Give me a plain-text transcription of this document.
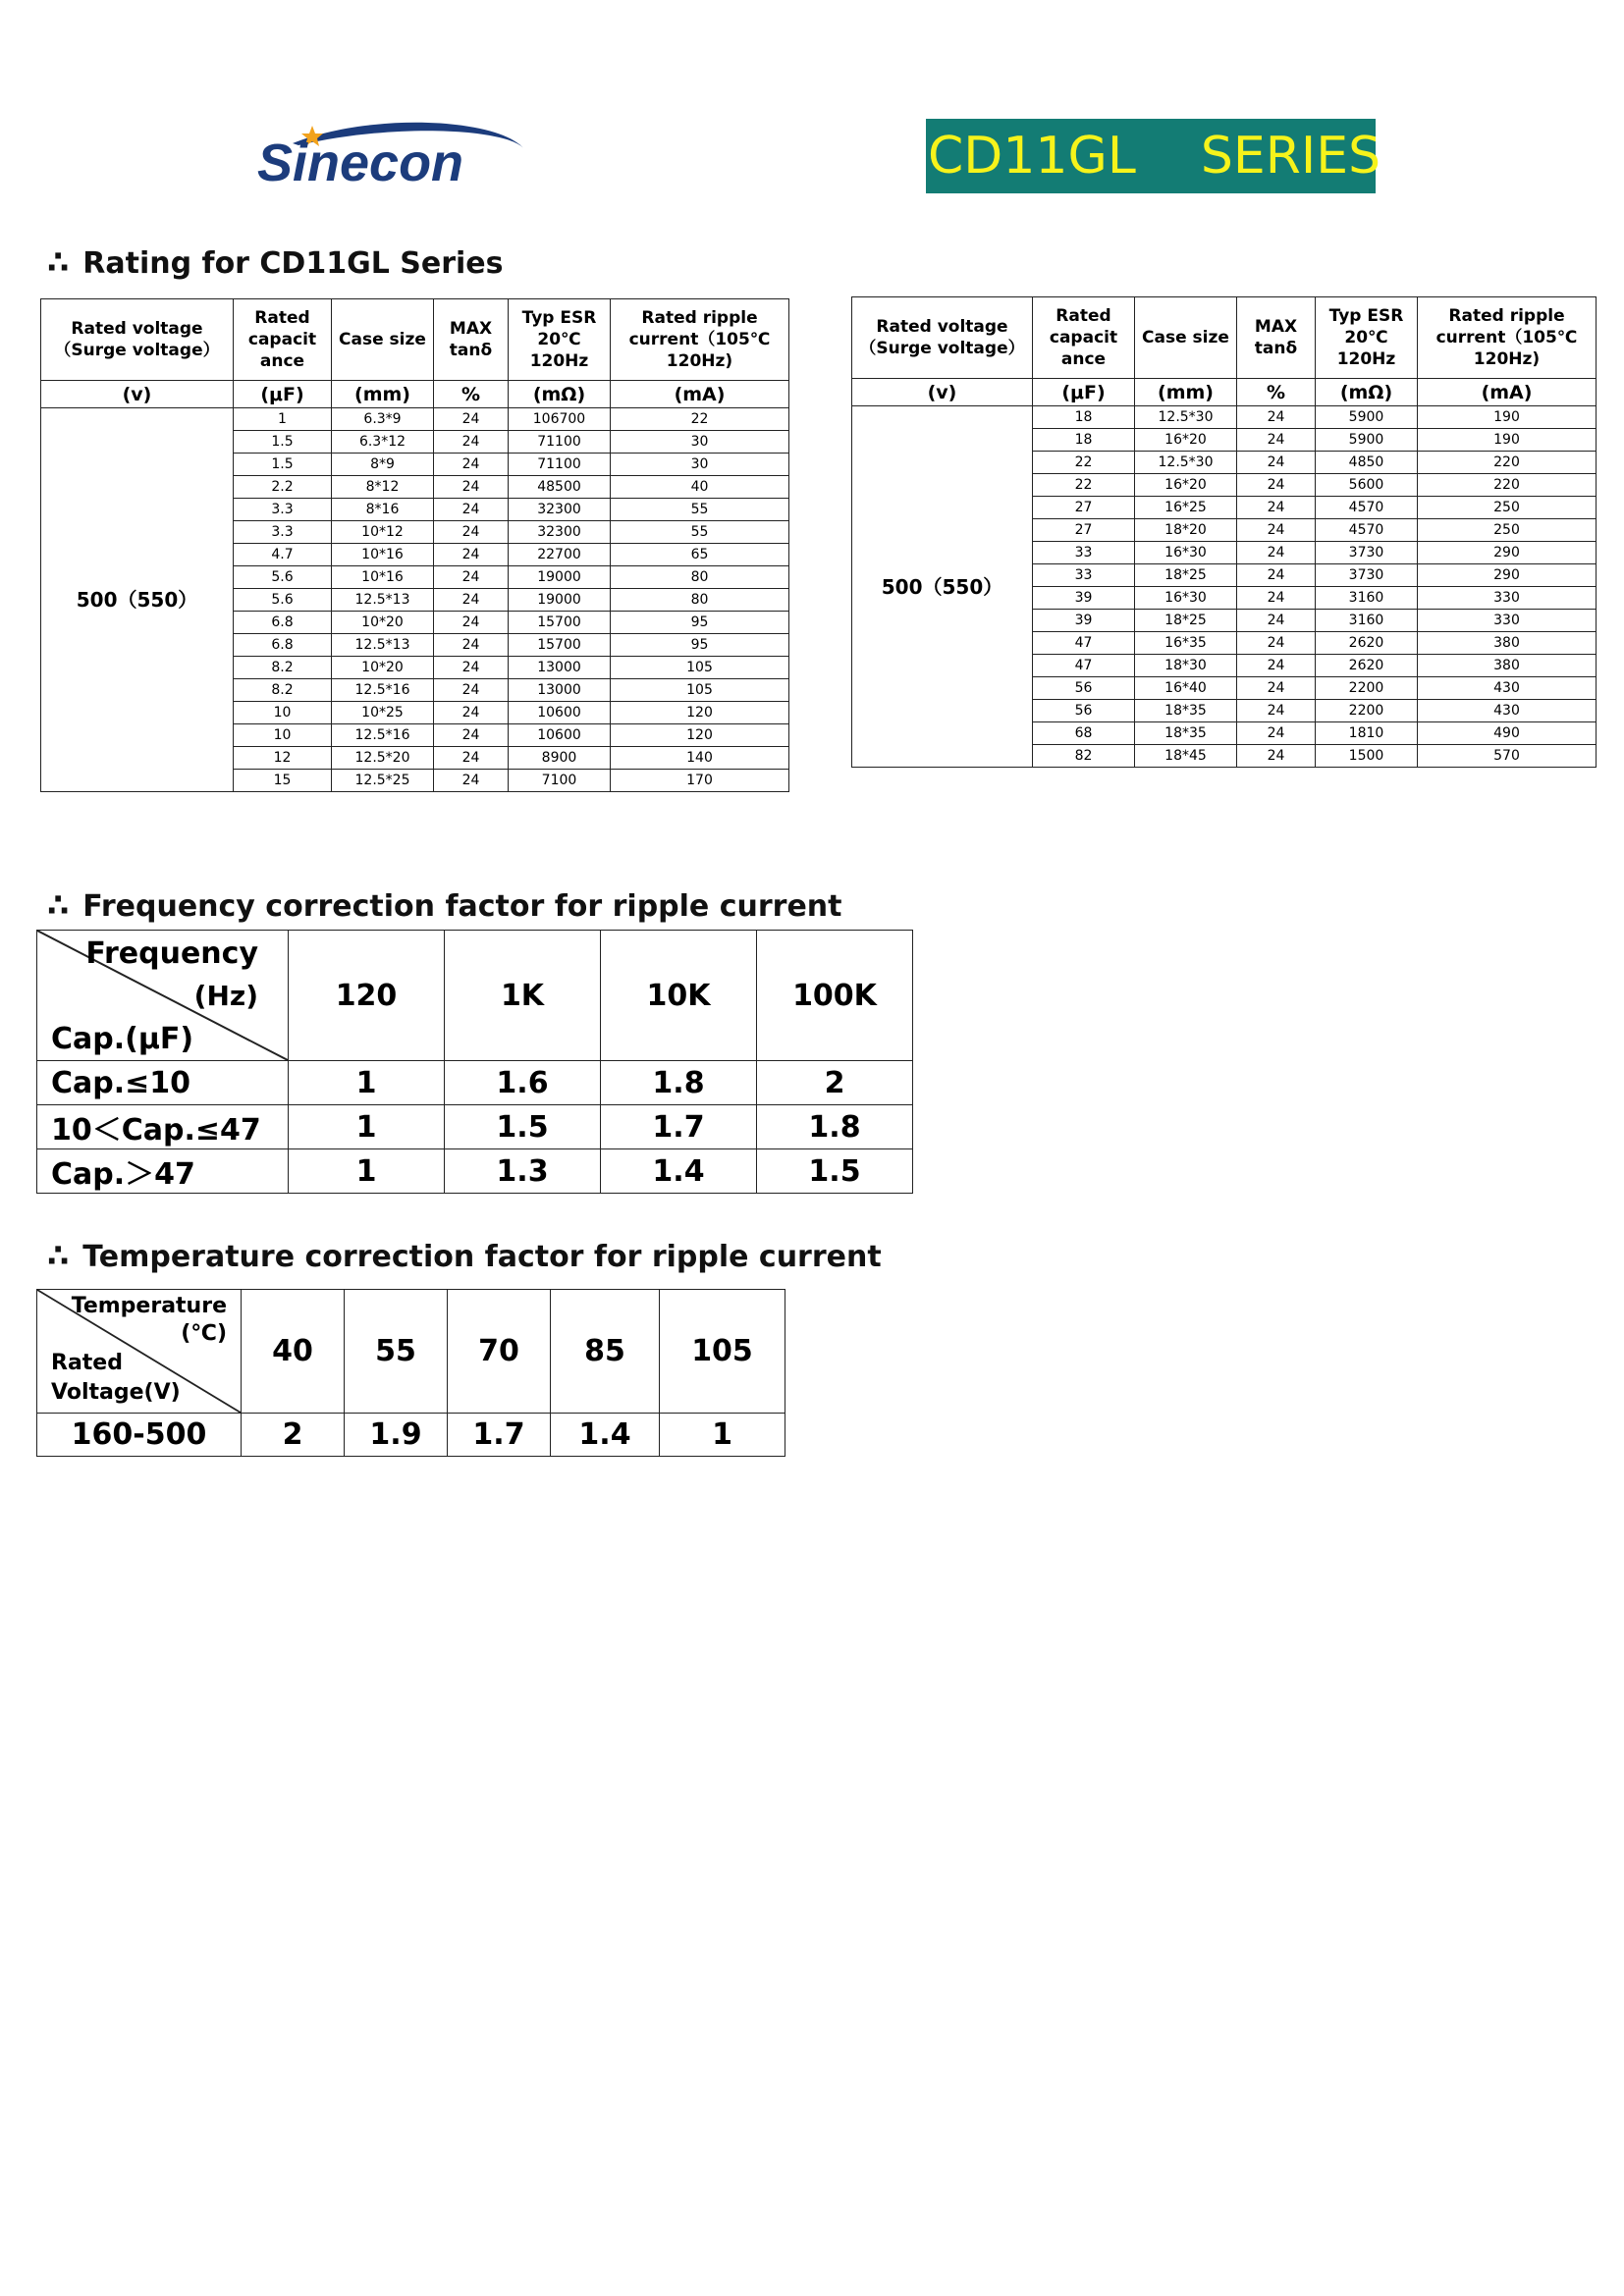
Sinecon	CD11GL    SERIES
∴ Rating for CD11GL Series
Rated voltage （Surge voltage）	Rated capacit ance	Case size	MAX tanδ	Typ ESR 20℃ 120Hz	Rated ripple current（105℃ 120Hz)
(v)	(μF)	(mm)	%	(mΩ)	(mA)
500（550）	1	6.3*9	24	106700	22
	1.5	6.3*12	24	71100	30
	1.5	8*9	24	71100	30
	2.2	8*12	24	48500	40
	3.3	8*16	24	32300	55
	3.3	10*12	24	32300	55
	4.7	10*16	24	22700	65
	5.6	10*16	24	19000	80
	5.6	12.5*13	24	19000	80
	6.8	10*20	24	15700	95
	6.8	12.5*13	24	15700	95
	8.2	10*20	24	13000	105
	8.2	12.5*16	24	13000	105
	10	10*25	24	10600	120
	10	12.5*16	24	10600	120
	12	12.5*20	24	8900	140
	15	12.5*25	24	7100	170
Rated voltage （Surge voltage）	Rated capacit ance	Case size	MAX tanδ	Typ ESR 20℃ 120Hz	Rated ripple current（105℃ 120Hz)
(v)	(μF)	(mm)	%	(mΩ)	(mA)
500（550）	18	12.5*30	24	5900	190
	18	16*20	24	5900	190
	22	12.5*30	24	4850	220
	22	16*20	24	5600	220
	27	16*25	24	4570	250
	27	18*20	24	4570	250
	33	16*30	24	3730	290
	33	18*25	24	3730	290
	39	16*30	24	3160	330
	39	18*25	24	3160	330
	47	16*35	24	2620	380
	47	18*30	24	2620	380
	56	16*40	24	2200	430
	56	18*35	24	2200	430
	68	18*35	24	1810	490
	82	18*45	24	1500	570
∴ Frequency correction factor for ripple current
Frequency
(Hz)
Cap.(μF)	120	1K	10K	100K
Cap.≤10	1	1.6	1.8	2
10＜Cap.≤47	1	1.5	1.7	1.8
Cap.＞47	1	1.3	1.4	1.5
∴ Temperature correction factor for ripple current
Temperature
(℃)
Rated
Voltage(V)	40	55	70	85	105
160-500	2	1.9	1.7	1.4	1
